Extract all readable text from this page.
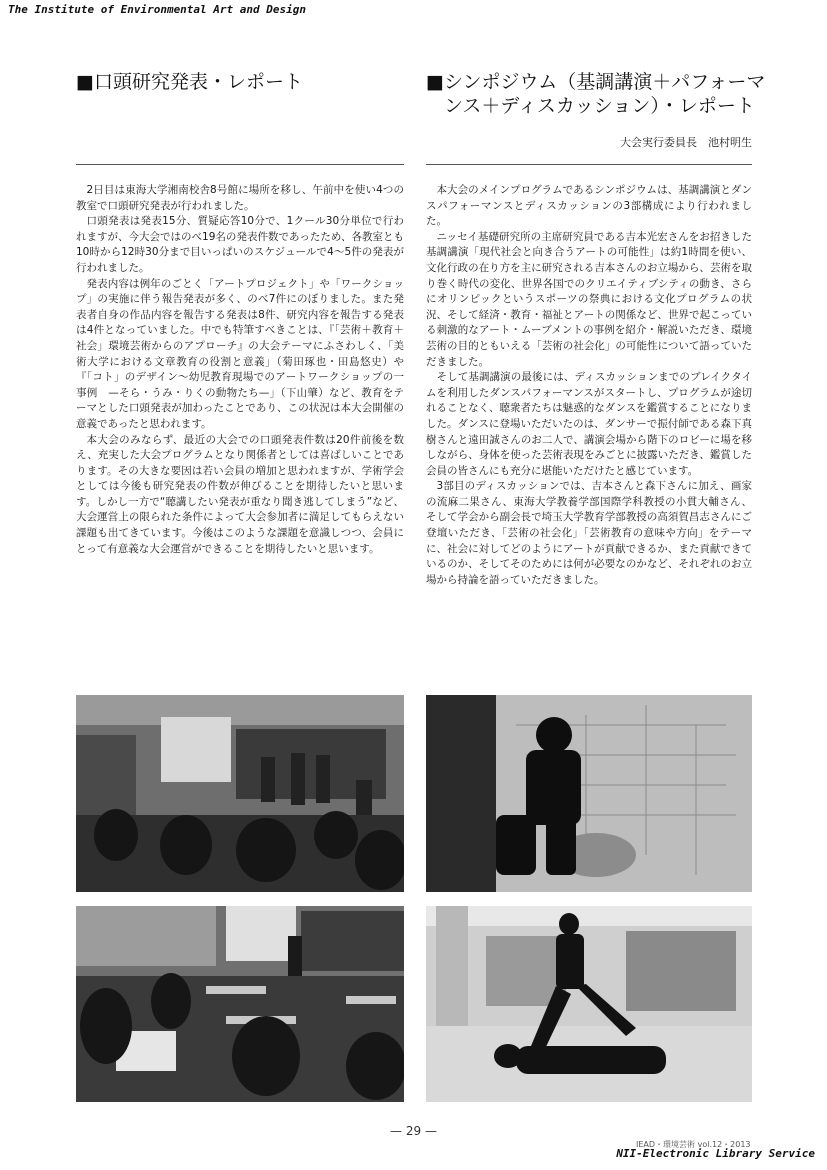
The Institute of Environmental Art and Design
■口頭研究発表・レポート

2日目は東海大学湘南校舎8号館に場所を移し、午前中を使い4つの教室で口頭研究発表が行われました。

口頭発表は発表15分、質疑応答10分で、1クール30分単位で行われますが、今大会ではのべ19名の発表件数であったため、各教室とも10時から12時30分まで目いっぱいのスケジュールで4〜5件の発表が行われました。

発表内容は例年のごとく「アートプロジェクト」や「ワークショップ」の実施に伴う報告発表が多く、のべ7件にのぼりました。また発表者自身の作品内容を報告する発表は8件、研究内容を報告する発表は4件となっていました。中でも特筆すべきことは、『「芸術＋教育＋社会」環境芸術からのアプローチ』の大会テーマにふさわしく、「美術大学における文章教育の役割と意義」（菊田琢也・田島悠史）や『「コト」のデザイン〜幼児教育現場でのアートワークショップの一事例　—そら・うみ・りくの動物たち—」（下山肇）など、教育をテーマとした口頭発表が加わったことであり、この状況は本大会開催の意義であったと思われます。

本大会のみならず、最近の大会での口頭発表件数は20件前後を数え、充実した大会プログラムとなり関係者としては喜ばしいことであります。その大きな要因は若い会員の増加と思われますが、学術学会としては今後も研究発表の件数が伸びることを期待したいと思います。しかし一方で“聴講したい発表が重なり聞き逃してしまう”など、大会運営上の限られた条件によって大会参加者に満足してもらえない課題も出てきています。今後はこのような課題を意識しつつ、会員にとって有意義な大会運営ができることを期待したいと思います。

■シンポジウム（基調講演＋パフォーマ
ンス＋ディスカッション）・レポート
大会実行委員長　池村明生

本大会のメインプログラムであるシンポジウムは、基調講演とダンスパフォーマンスとディスカッションの3部構成により行われました。

ニッセイ基礎研究所の主席研究員である吉本光宏さんをお招きした基調講演「現代社会と向き合うアートの可能性」は約1時間を使い、文化行政の在り方を主に研究される吉本さんのお立場から、芸術を取り巻く時代の変化、世界各国でのクリエイティブシティの動き、さらにオリンピックというスポーツの祭典における文化プログラムの状況、そして経済・教育・福祉とアートの関係など、世界で起こっている刺激的なアート・ムーブメントの事例を紹介・解説いただき、環境芸術の目的ともいえる「芸術の社会化」の可能性について語っていただきました。

そして基調講演の最後には、ディスカッションまでのブレイクタイムを利用したダンスパフォーマンスがスタートし、プログラムが途切れることなく、聴衆者たちは魅惑的なダンスを鑑賞することになりました。ダンスに登場いただいたのは、ダンサーで振付師である森下真樹さんと遠田誠さんのお二人で、講演会場から階下のロビーに場を移しながら、身体を使った芸術表現をみごとに披露いただき、鑑賞した会員の皆さんにも充分に堪能いただけたと感じています。

3部目のディスカッションでは、吉本さんと森下さんに加え、画家の流麻二果さん、東海大学教養学部国際学科教授の小貫大輔さん、そして学会から副会長で埼玉大学教育学部教授の高須賀昌志さんにご登壇いただき、「芸術の社会化」「芸術教育の意味や方向」をテーマに、社会に対してどのようにアートが貢献できるか、また貢献できているのか、そしてそのためには何が必要なのかなど、それぞれのお立場から持論を語っていただきました。

— 29 —
IEAD・環境芸術 vol.12・2013
NII-Electronic Library Service
